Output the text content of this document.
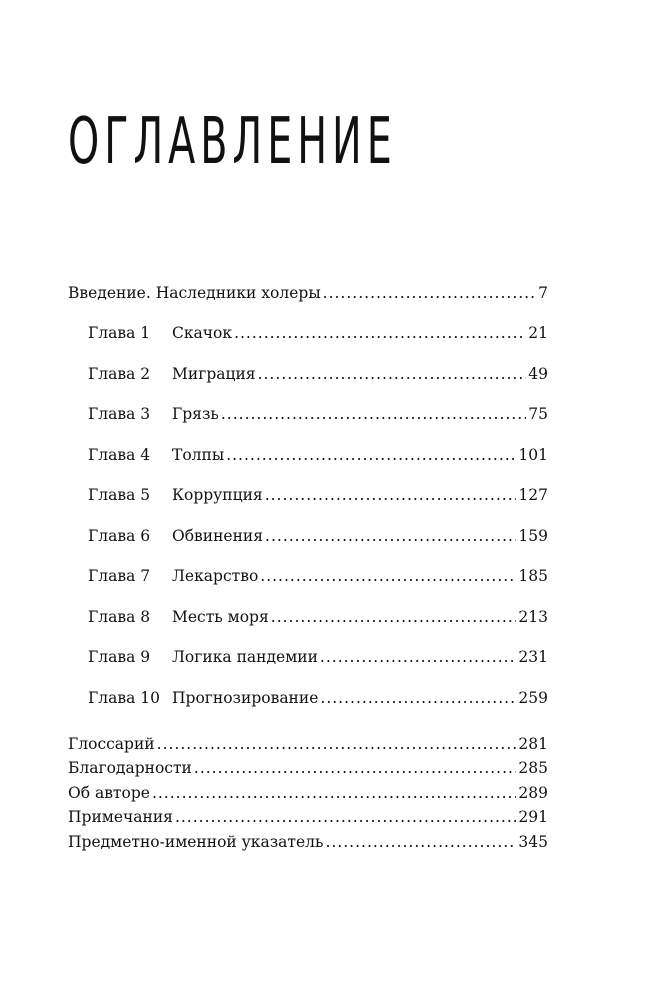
ОГЛАВЛЕНИЕ
Введение. Наследники холеры .....	7
Глава 1	Скачок .....	21
Глава 2	Миграция .....	49
Глава 3	Грязь .....	75
Глава 4	Толпы .....	101
Глава 5	Коррупция .....	127
Глава 6	Обвинения .....	159
Глава 7	Лекарство .....	185
Глава 8	Месть моря .....	213
Глава 9	Логика пандемии .....	231
Глава 10 Прогнозирование .....	259
Глоссарий .....	281
Благодарности .....	285
Об авторе .....	289
Примечания .....	291
Предметно-именной указатель .....	345
